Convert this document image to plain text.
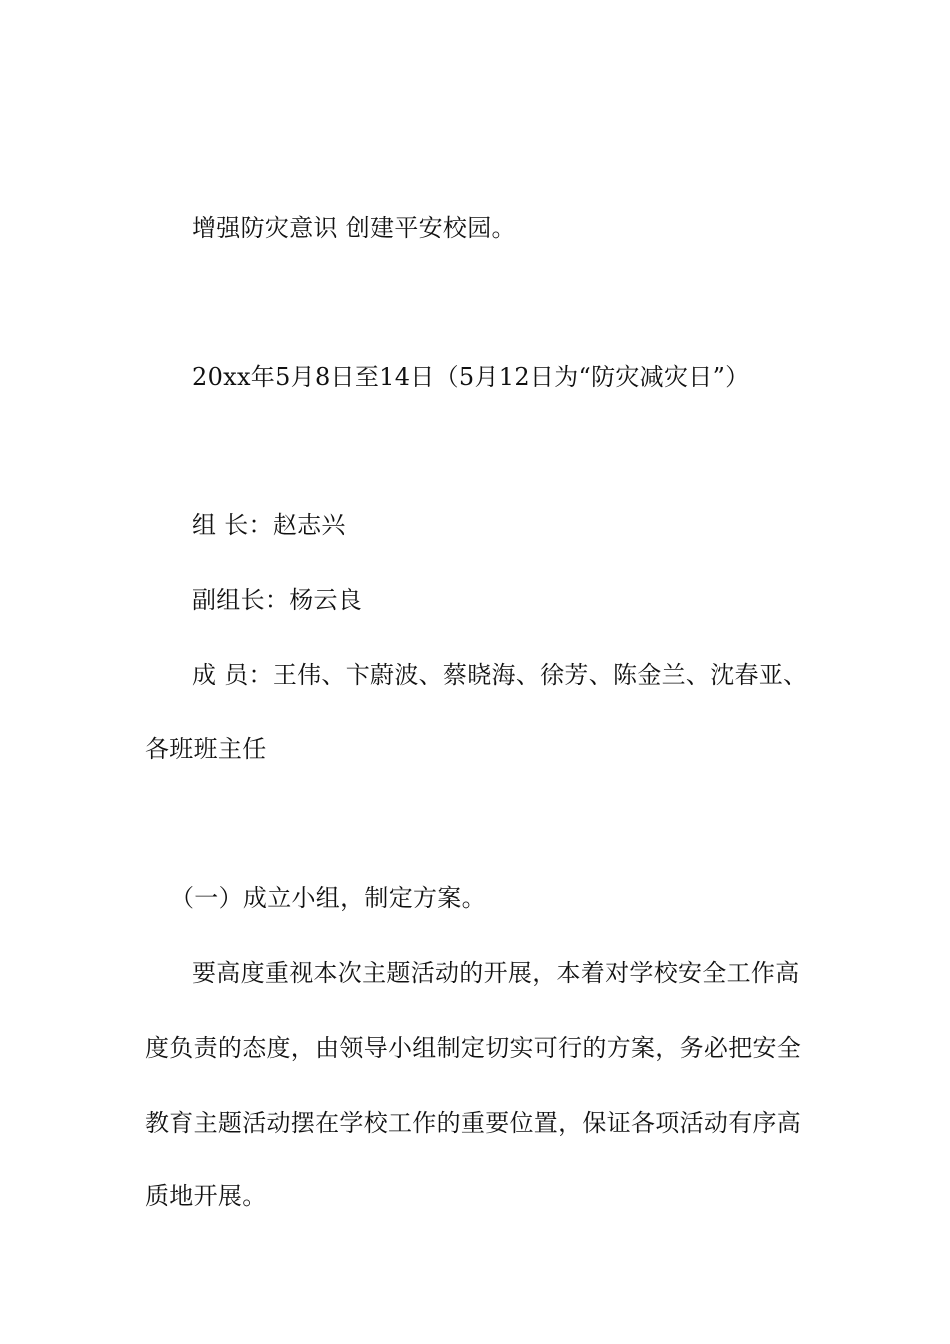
增强防灾意识 创建平安校园。
20xx年5月8日至14日（5月12日为“防灾减灾日”）
组 长：赵志兴
副组长：杨云良
成 员：王伟、卞蔚波、蔡晓海、徐芳、陈金兰、沈春亚、
各班班主任
（一）成立小组，制定方案。
要高度重视本次主题活动的开展，本着对学校安全工作高
度负责的态度，由领导小组制定切实可行的方案，务必把安全
教育主题活动摆在学校工作的重要位置，保证各项活动有序高
质地开展。
